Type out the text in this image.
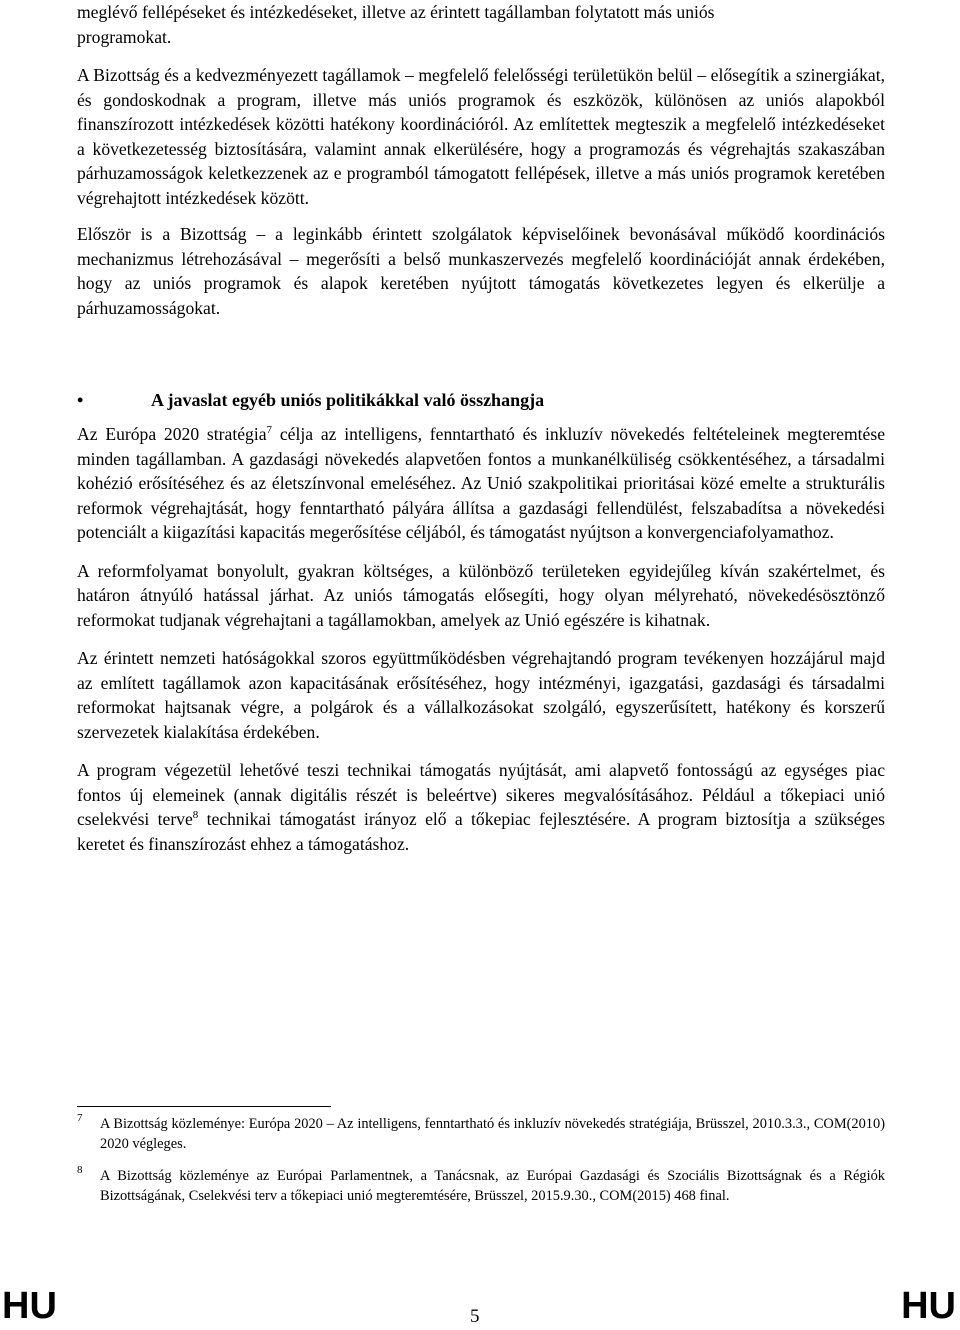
meglévő fellépéseket és intézkedéseket, illetve az érintett tagállamban folytatott más uniós
programokat.

A Bizottság és a kedvezményezett tagállamok – megfelelő felelősségi területükön belül – elősegítik a szinergiákat, és gondoskodnak a program, illetve más uniós programok és eszközök, különösen az uniós alapokból finanszírozott intézkedések közötti hatékony koordinációról. Az említettek megteszik a megfelelő intézkedéseket a következetesség biztosítására, valamint annak elkerülésére, hogy a programozás és végrehajtás szakaszában párhuzamosságok keletkezzenek az e programból támogatott fellépések, illetve a más uniós programok keretében végrehajtott intézkedések között.

Először is a Bizottság – a leginkább érintett szolgálatok képviselőinek bevonásával működő koordinációs mechanizmus létrehozásával – megerősíti a belső munkaszervezés megfelelő koordinációját annak érdekében, hogy az uniós programok és alapok keretében nyújtott támogatás következetes legyen és elkerülje a párhuzamosságokat.

•	A javaslat egyéb uniós politikákkal való összhangja

Az Európa 2020 stratégia$^7$ célja az intelligens, fenntartható és inkluzív növekedés feltételeinek megteremtése minden tagállamban. A gazdasági növekedés alapvetően fontos a munkanélküliség csökkentéséhez, a társadalmi kohézió erősítéséhez és az életszínvonal emeléséhez. Az Unió szakpolitikai prioritásai közé emelte a strukturális reformok végrehajtását, hogy fenntartható pályára állítsa a gazdasági fellendülést, felszabadítsa a növekedési potenciált a kiigazítási kapacitás megerősítése céljából, és támogatást nyújtson a konvergenciafolyamathoz.

A reformfolyamat bonyolult, gyakran költséges, a különböző területeken egyidejűleg kíván szakértelmet, és határon átnyúló hatással járhat. Az uniós támogatás elősegíti, hogy olyan mélyreható, növekedésösztönző reformokat tudjanak végrehajtani a tagállamokban, amelyek az Unió egészére is kihatnak.

Az érintett nemzeti hatóságokkal szoros együttműködésben végrehajtandó program tevékenyen hozzájárul majd az említett tagállamok azon kapacitásának erősítéséhez, hogy intézményi, igazgatási, gazdasági és társadalmi reformokat hajtsanak végre, a polgárok és a vállalkozásokat szolgáló, egyszerűsített, hatékony és korszerű szervezetek kialakítása érdekében.

A program végezetül lehetővé teszi technikai támogatás nyújtását, ami alapvető fontosságú az egységes piac fontos új elemeinek (annak digitális részét is beleértve) sikeres megvalósításához. Például a tőkepiaci unió cselekvési terve$^8$ technikai támogatást irányoz elő a tőkepiac fejlesztésére. A program biztosítja a szükséges keretet és finanszírozást ehhez a támogatáshoz.

7 A Bizottság közleménye: Európa 2020 – Az intelligens, fenntartható és inkluzív növekedés stratégiája, Brüsszel, 2010.3.3., COM(2010) 2020 végleges.
8 A Bizottság közleménye az Európai Parlamentnek, a Tanácsnak, az Európai Gazdasági és Szociális Bizottságnak és a Régiók Bizottságának, Cselekvési terv a tőkepiaci unió megteremtésére, Brüsszel, 2015.9.30., COM(2015) 468 final.
HU	5	HU
